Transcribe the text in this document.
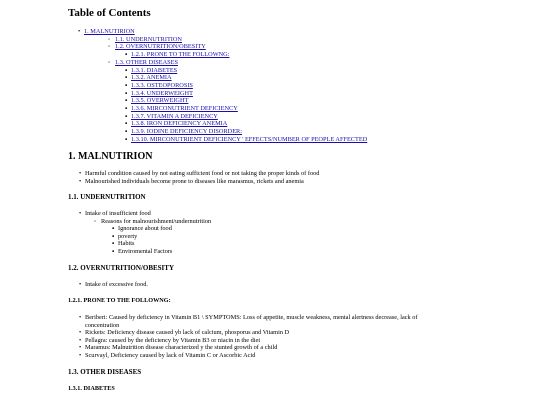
Table of Contents
•
1. MALNUTIRION
◦
1.1. UNDERNUTRITION
◦
1.2. OVERNUTRITION/OBESITY
▪
1.2.1. PRONE TO THE FOLLOWNG:
◦
1.3. OTHER DISEASES
▪
1.3.1. DIABETES
▪
1.3.2. ANEMIA
▪
1.3.3. OSTEOPOROSIS
▪
1.3.4. UNDERWEIGHT
▪
1.3.5. OVERWEIGHT
▪
1.3.6. MIRCONUTRIENT DEFICIENCY
▪
1.3.7. VITAMIN A DEFICIENCY
▪
1.3.8. IRON DEFICIENCY ANEMIA
▪
1.3.9. IODINE DEFICIENCY DISORDER:
▪
1.3.10. MIRCONUTRIENT DEFICIENCY ' EFFECTS/NUMBER OF PEOPLE AFFECTED
1. MALNUTIRION
•
Harmful condition caused by not eating sufficient food or not taking the proper kinds of food
•
Malnourished individuals become prone to diseases like marasmus, rickets and anemia
1.1. UNDERNUTRITION
•
Intake of insufficient food
◦
Reasons for malnourishment/undernutrition
▪
Ignorance about food
▪
poverty
▪
Habits
▪
Enviromental Factors
1.2. OVERNUTRITION/OBESITY
•
Intake of excessive food.
1.2.1. PRONE TO THE FOLLOWNG:
•
Beriberi: Caused by deficiency in Vitamin B1 \ SYMPTOMS: Loss of appetite, muscle weakness, mental alertness decrease, lack of
concentration
•
Rickets: Deficiency disease caused yb lack of calcium, phosporus and Vitamin D
•
Pellagra: caused by the deficiency by Vitamin B3 or niacin in the diet
•
Maramus: Malnutrition disease characterized y the stunted growth of a child
•
Scurvayl, Deficiency caused by lack of Vitamin C or Ascorbic Acid
1.3. OTHER DISEASES
1.3.1. DIABETES
